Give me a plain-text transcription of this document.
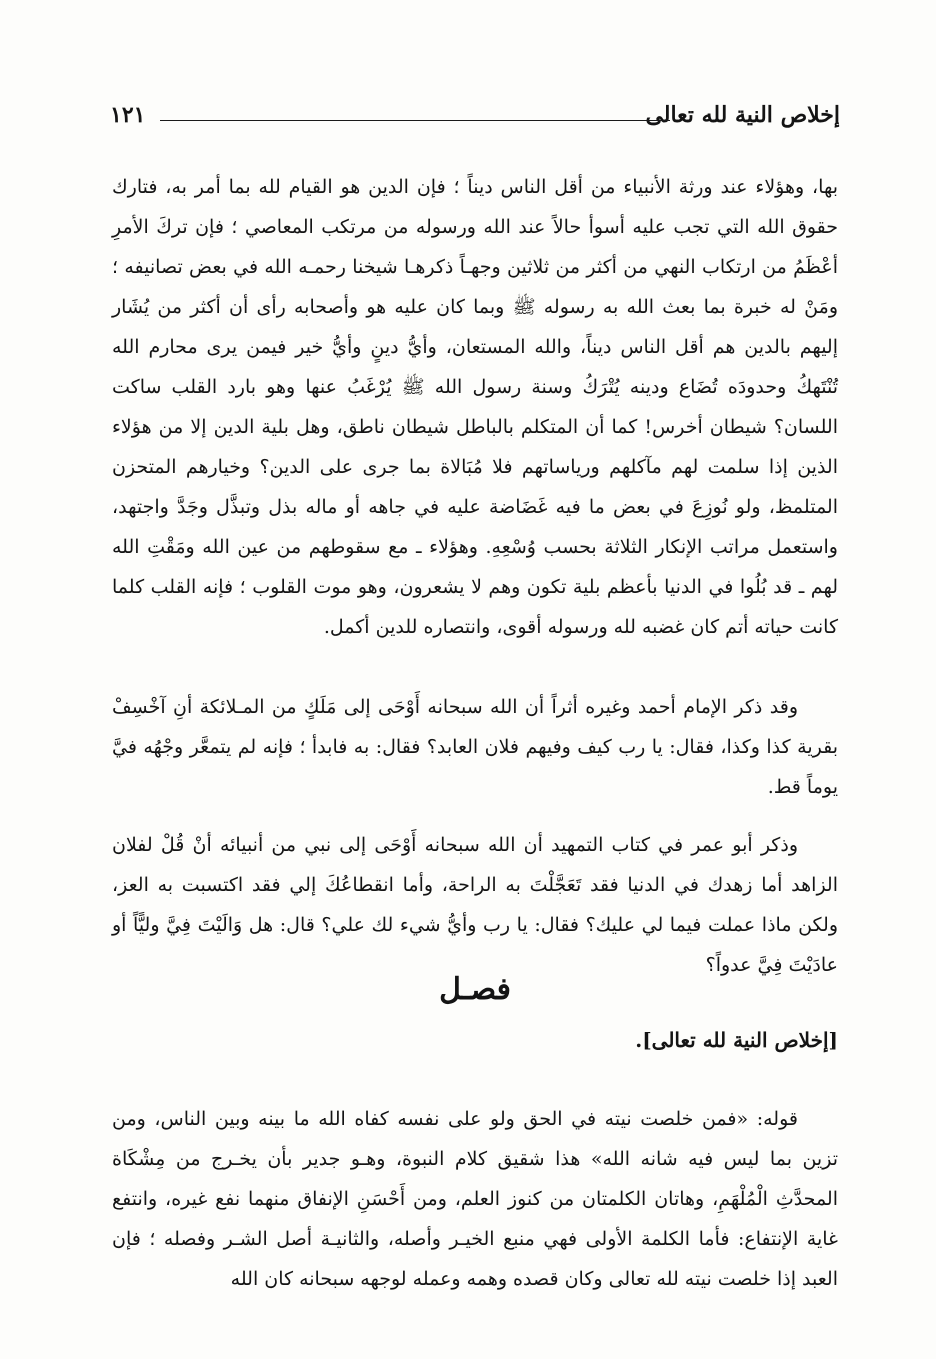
إخلاص النية لله تعالى
١٢١

بها، وهؤلاء عند ورثة الأنبياء من أقل الناس ديناً ؛ فإن الدين هو القيام لله بما أمر به، فتارك حقوق الله التي تجب عليه أسوأ حالاً عند الله ورسوله من مرتكب المعاصي ؛ فإن تركَ الأمرِ أعْظَمُ من ارتكاب النهي من أكثر من ثلاثين وجهـاً ذكرهـا شيخنا رحمـه الله في بعض تصانيفه ؛ ومَنْ له خبرة بما بعث الله به رسوله ﷺ وبما كان عليه هو وأصحابه رأى أن أكثر من يُشَار إليهم بالدين هم أقل الناس ديناً، والله المستعان، وأيُّ دينٍ وأيُّ خير فيمن يرى محارم الله تُنْتَهكُ وحدودَه تُضَاع ودينه يُتْرَكُ وسنة رسول الله ﷺ يُرْغَبُ عنها وهو بارد القلب ساكت اللسان؟ شيطان أخرس! كما أن المتكلم بالباطل شيطان ناطق، وهل بلية الدين إلا من هؤلاء الذين إذا سلمت لهم مآكلهم ورياساتهم فلا مُبَالاة بما جرى على الدين؟ وخيارهم المتحزن المتلمظ، ولو نُوزِعَ في بعض ما فيه غَضَاضة عليه في جاهه أو ماله بذل وتبذَّل وجَدَّ واجتهد، واستعمل مراتب الإنكار الثلاثة بحسب وُسْعِهِ. وهؤلاء ـ مع سقوطهم من عين الله ومَقْتِ الله لهم ـ قد بُلُوا في الدنيا بأعظم بلية تكون وهم لا يشعرون، وهو موت القلوب ؛ فإنه القلب كلما كانت حياته أتم كان غضبه لله ورسوله أقوى، وانتصاره للدين أكمل.

وقد ذكر الإمام أحمد وغيره أثراً أن الله سبحانه أَوْحَى إلى مَلَكٍ من المـلائكة أنِ آخْسِفْ بقرية كذا وكذا، فقال: يا رب كيف وفيهم فلان العابد؟ فقال: به فابدأ ؛ فإنه لم يتمعَّر وجْهُه فيَّ يوماً قط.

وذكر أبو عمر في كتاب التمهيد أن الله سبحانه أَوْحَى إلى نبي من أنبيائه أنْ قُلْ لفلان الزاهد أما زهدك في الدنيا فقد تَعَجَّلْتَ به الراحة، وأما انقطاعُكَ إلي فقد اكتسبت به العز، ولكن ماذا عملت فيما لي عليك؟ فقال: يا رب وأيُّ شيء لك علي؟ قال: هل وَالَيْتَ فِيَّ وليًّاً أو عادَيْتَ فِيَّ عدواً؟

فصـل
[إخلاص النية لله تعالى].

قوله: «فمن خلصت نيته في الحق ولو على نفسه كفاه الله ما بينه وبين الناس، ومن تزين بما ليس فيه شانه الله» هذا شقيق كلام النبوة، وهـو جدير بأن يخـرج من مِشْكَاة المحدَّثِ الْمُلْهَمِ، وهاتان الكلمتان من كنوز العلم، ومن أَحْسَنِ الإنفاق منهما نفع غيره، وانتفع غاية الإنتفاع: فأما الكلمة الأولى فهي منبع الخيـر وأصله، والثانيـة أصل الشـر وفصله ؛ فإن العبد إذا خلصت نيته لله تعالى وكان قصده وهمه وعمله لوجهه سبحانه كان الله
